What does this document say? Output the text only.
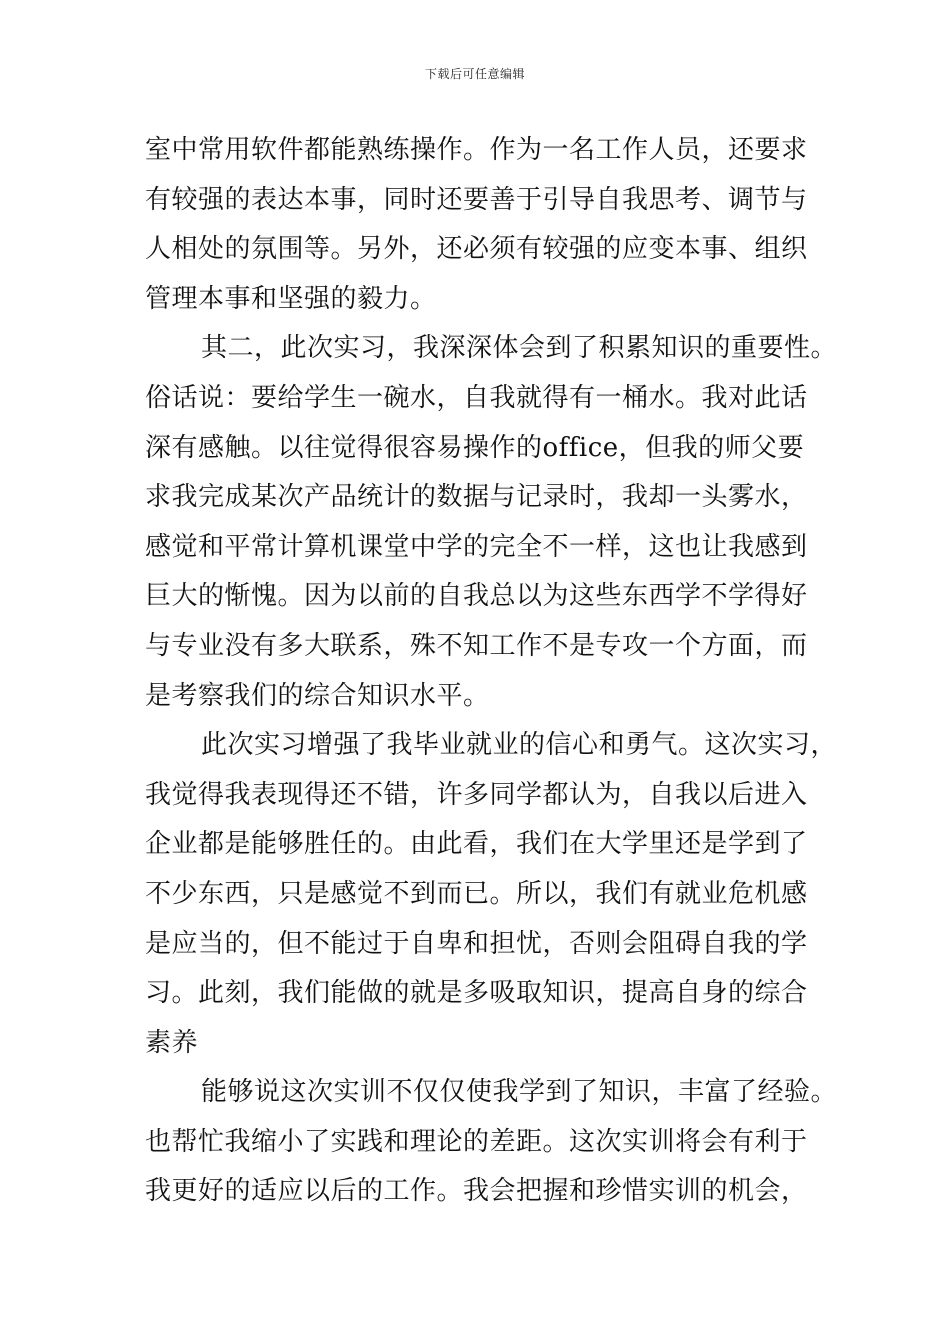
下载后可任意编辑
室中常用软件都能熟练操作。作为一名工作人员，还要求
有较强的表达本事，同时还要善于引导自我思考、调节与
人相处的氛围等。另外，还必须有较强的应变本事、组织
管理本事和坚强的毅力。
其二，此次实习，我深深体会到了积累知识的重要性。
俗话说：要给学生一碗水，自我就得有一桶水。我对此话
深有感触。以往觉得很容易操作的office，但我的师父要
求我完成某次产品统计的数据与记录时，我却一头雾水，
感觉和平常计算机课堂中学的完全不一样，这也让我感到
巨大的惭愧。因为以前的自我总以为这些东西学不学得好
与专业没有多大联系，殊不知工作不是专攻一个方面，而
是考察我们的综合知识水平。
此次实习增强了我毕业就业的信心和勇气。这次实习，
我觉得我表现得还不错，许多同学都认为，自我以后进入
企业都是能够胜任的。由此看，我们在大学里还是学到了
不少东西，只是感觉不到而已。所以，我们有就业危机感
是应当的，但不能过于自卑和担忧，否则会阻碍自我的学
习。此刻，我们能做的就是多吸取知识，提高自身的综合
素养
能够说这次实训不仅仅使我学到了知识，丰富了经验。
也帮忙我缩小了实践和理论的差距。这次实训将会有利于
我更好的适应以后的工作。我会把握和珍惜实训的机会，
